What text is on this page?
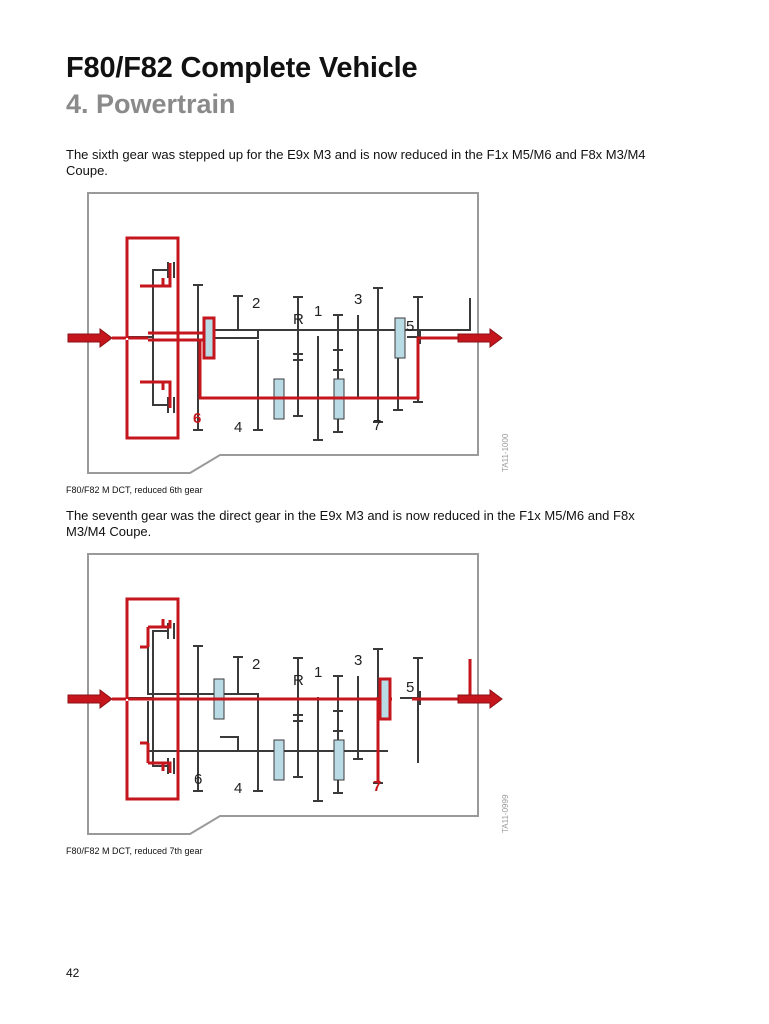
F80/F82 Complete Vehicle
4. Powertrain

The sixth gear was stepped up for the E9x M3 and is now reduced in the F1x M5/M6 and F8x M3/M4 Coupe.

2
R 1
3
5
4	7
6
TA11-1000

F80/F82 M DCT, reduced 6th gear

The seventh gear was the direct gear in the E9x M3 and is now reduced in the F1x M5/M6 and F8x M3/M4 Coupe.

2
R 1
3
5
4
6	7
TA11-0999

F80/F82 M DCT, reduced 7th gear

42
